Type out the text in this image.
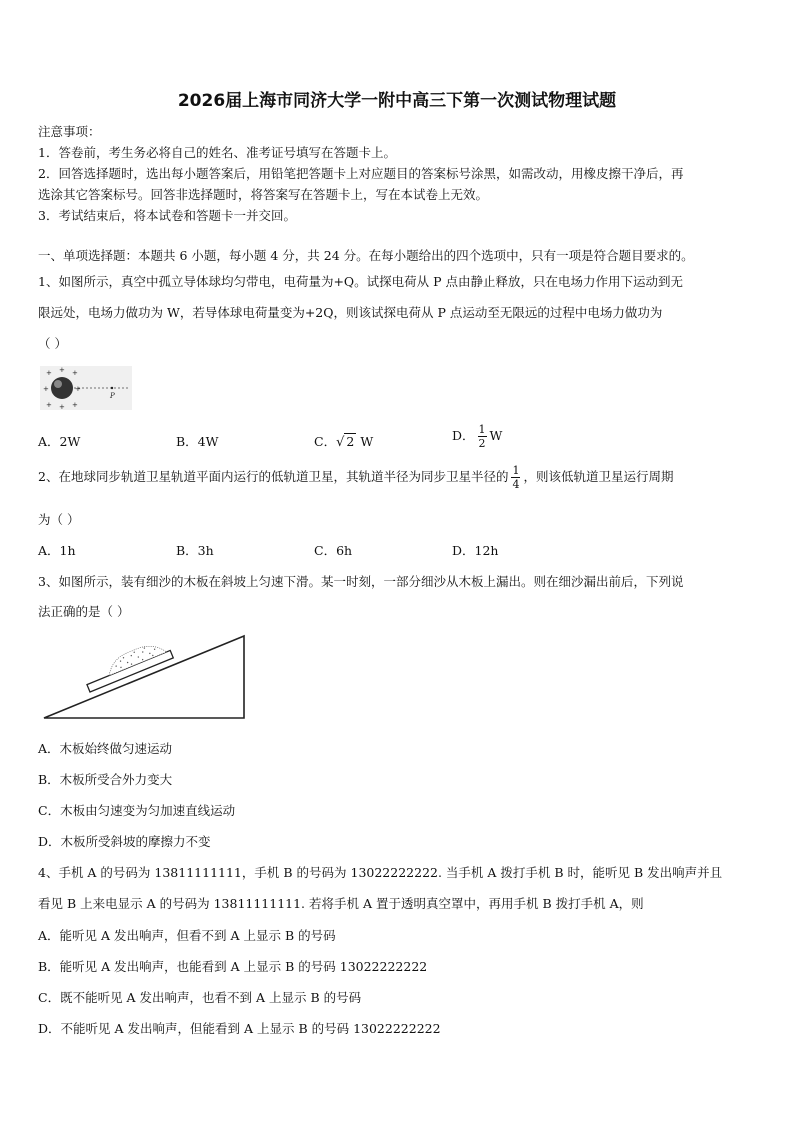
2026届上海市同济大学一附中高三下第一次测试物理试题
注意事项：
1．答卷前，考生务必将自己的姓名、准考证号填写在答题卡上。
2．回答选择题时，选出每小题答案后，用铅笔把答题卡上对应题目的答案标号涂黑，如需改动，用橡皮擦干净后，再
选涂其它答案标号。回答非选择题时，将答案写在答题卡上，写在本试卷上无效。
3．考试结束后，将本试卷和答题卡一并交回。
一、单项选择题：本题共 6 小题，每小题 4 分，共 24 分。在每小题给出的四个选项中，只有一项是符合题目要求的。
1、如图所示，真空中孤立导体球均匀带电，电荷量为+Q。试探电荷从 P 点由静止释放，只在电场力作用下运动到无
限远处，电场力做功为 W，若导体球电荷量变为+2Q，则该试探电荷从 P 点运动至无限远的过程中电场力做功为
（ ）
+	+
+	+
+	+
+
+
P
A．2W	B．4W	C．√ 2 W	D． $\frac{1}{2}$ W
2、在地球同步轨道卫星轨道平面内运行的低轨道卫星，其轨道半径为同步卫星半径的 $\frac{1}{4}$ ，则该低轨道卫星运行周期
为（ ）
A．1h	B．3h	C．6h	D．12h
3、如图所示，装有细沙的木板在斜坡上匀速下滑。某一时刻，一部分细沙从木板上漏出。则在细沙漏出前后，下列说
法正确的是（ ）
A．木板始终做匀速运动
B．木板所受合外力变大
C．木板由匀速变为匀加速直线运动
D．木板所受斜坡的摩擦力不变
4、手机 A 的号码为 13811111111，手机 B 的号码为 13022222222. 当手机 A 拨打手机 B 时，能听见 B 发出响声并且
看见 B 上来电显示 A 的号码为 13811111111. 若将手机 A 置于透明真空罩中，再用手机 B 拨打手机 A，则
A．能听见 A 发出响声，但看不到 A 上显示 B 的号码
B．能听见 A 发出响声，也能看到 A 上显示 B 的号码 13022222222
C．既不能听见 A 发出响声，也看不到 A 上显示 B 的号码
D．不能听见 A 发出响声，但能看到 A 上显示 B 的号码 13022222222
